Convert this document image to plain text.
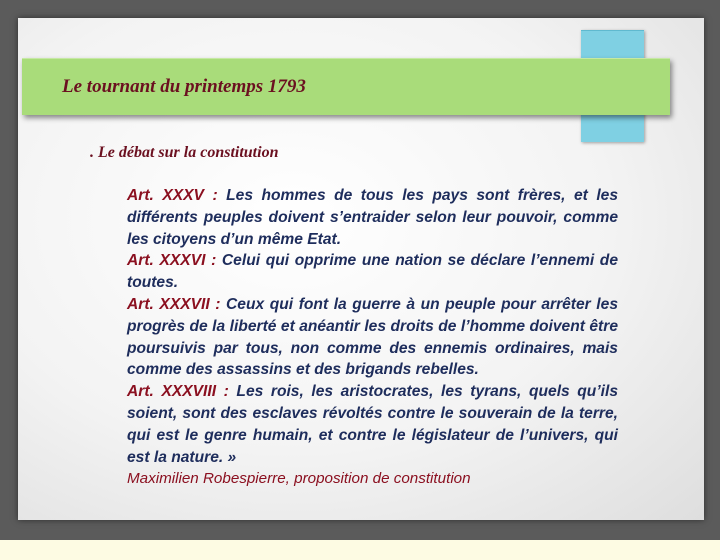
Le tournant du printemps 1793
. Le débat sur la constitution

Art. XXXV : Les hommes de tous les pays sont frères, et les différents peuples doivent s’entraider selon leur pouvoir, comme les citoyens d’un même Etat.

Art. XXXVI : Celui qui opprime une nation se déclare l’ennemi de toutes.

Art. XXXVII : Ceux qui font la guerre à un peuple pour arrêter les progrès de la liberté et anéantir les droits de l’homme doivent être poursuivis par tous, non comme des ennemis ordinaires, mais comme des assassins et des brigands rebelles.

Art. XXXVIII : Les rois, les aristocrates, les tyrans, quels qu’ils soient, sont des esclaves révoltés contre le souverain de la terre, qui est le genre humain, et contre le législateur de l’univers, qui est la nature. »

Maximilien Robespierre, proposition de constitution
